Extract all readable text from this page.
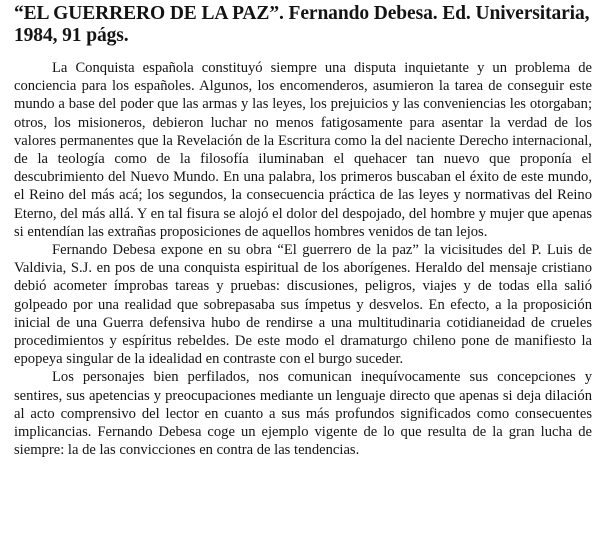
“EL GUERRERO DE LA PAZ”. Fernando Debesa. Ed. Universitaria, 1984, 91 págs.

La Conquista española constituyó siempre una disputa inquietante y un problema de conciencia para los españoles. Algunos, los encomenderos, asumieron la tarea de conseguir este mundo a base del poder que las armas y las leyes, los prejuicios y las conveniencias les otorgaban; otros, los misioneros, debieron luchar no menos fatigosamente para asentar la verdad de los valores permanentes que la Revelación de la Escritura como la del naciente Derecho internacional, de la teología como de la filosofía iluminaban el quehacer tan nuevo que proponía el descubrimiento del Nuevo Mundo. En una palabra, los primeros buscaban el éxito de este mundo, el Reino del más acá; los segundos, la consecuencia práctica de las leyes y normativas del Reino Eterno, del más allá. Y en tal fisura se alojó el dolor del despojado, del hombre y mujer que apenas si entendían las extrañas proposiciones de aquellos hombres venidos de tan lejos.

Fernando Debesa expone en su obra “El guerrero de la paz” la vicisitudes del P. Luis de Valdivia, S.J. en pos de una conquista espiritual de los aborígenes. Heraldo del mensaje cristiano debió acometer ímprobas tareas y pruebas: discusiones, peligros, viajes y de todas ella salió golpeado por una realidad que sobrepasaba sus ímpetus y desvelos. En efecto, a la proposición inicial de una Guerra defensiva hubo de rendirse a una multitudinaria cotidianeidad de crueles procedimientos y espíritus rebeldes. De este modo el dramaturgo chileno pone de manifiesto la epopeya singular de la idealidad en contraste con el burgo suceder.

Los personajes bien perfilados, nos comunican inequívocamente sus concepciones y sentires, sus apetencias y preocupaciones mediante un lenguaje directo que apenas si deja dilación al acto comprensivo del lector en cuanto a sus más profundos significados como consecuentes implicancias. Fernando Debesa coge un ejemplo vigente de lo que resulta de la gran lucha de siempre: la de las convicciones en contra de las tendencias.
